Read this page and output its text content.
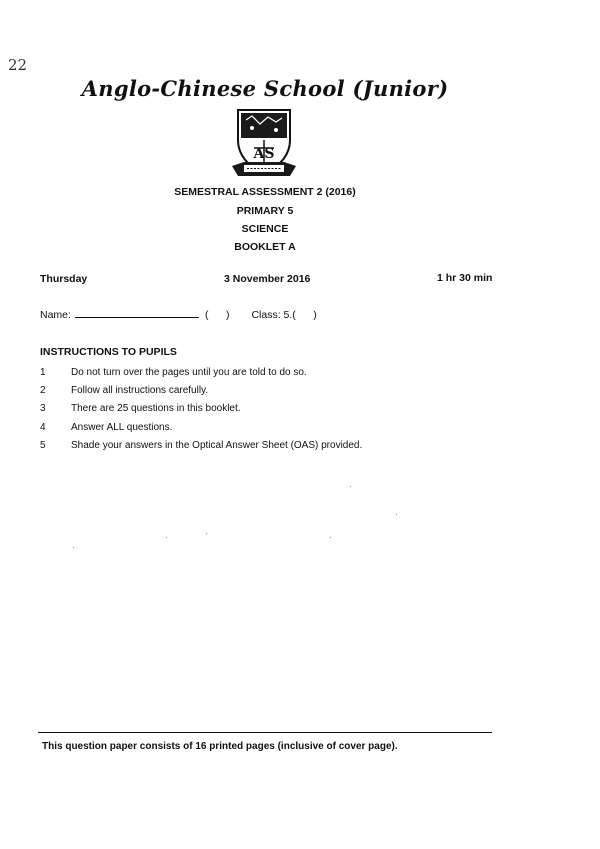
22
Anglo-Chinese School (Junior)
AS
SEMESTRAL ASSESSMENT 2 (2016)
PRIMARY 5
SCIENCE
BOOKLET A
Thursday	3 November 2016	1 hr 30 min
Name:	(      ) Class: 5.(      )
INSTRUCTIONS TO PUPILS
1	Do not turn over the pages until you are told to do so.
2	Follow all instructions carefully.
3	There are 25 questions in this booklet.
4	Answer ALL questions.
5	Shade your answers in the Optical Answer Sheet (OAS) provided.
This question paper consists of 16 printed pages (inclusive of cover page).
